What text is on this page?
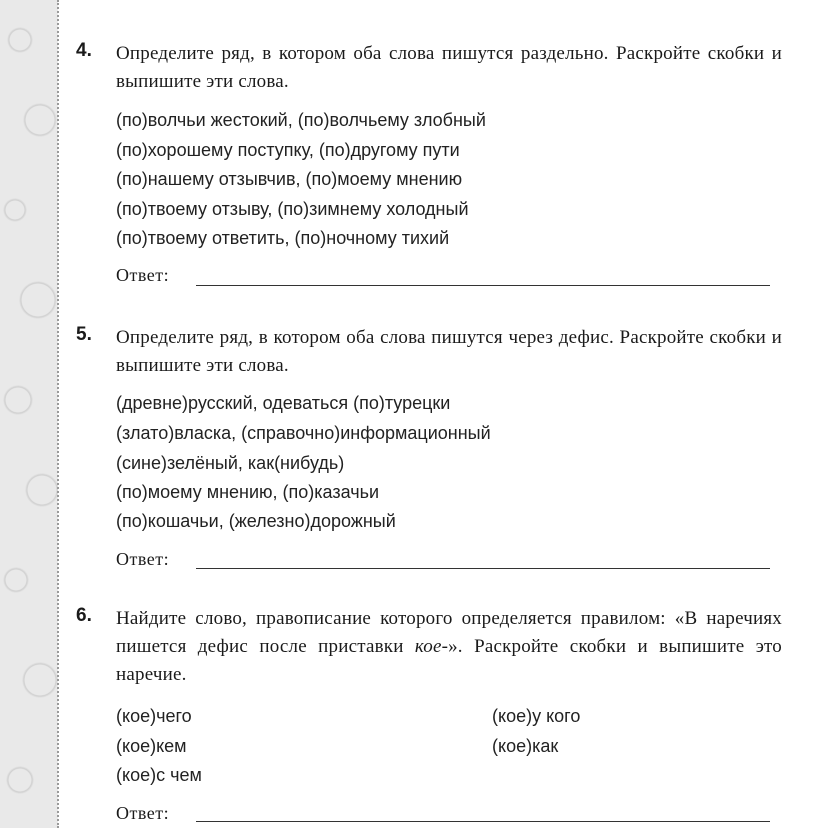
4. Определите ряд, в котором оба слова пишутся раздельно. Раскройте скобки и выпишите эти слова.
(по)волчьи жестокий, (по)волчьему злобный
(по)хорошему поступку, (по)другому пути
(по)нашему отзывчив, (по)моему мнению
(по)твоему отзыву, (по)зимнему холодный
(по)твоему ответить, (по)ночному тихий
Ответ:
5. Определите ряд, в котором оба слова пишутся через дефис. Раскройте скобки и выпишите эти слова.
(древне)русский, одеваться (по)турецки
(злато)власка, (справочно)информационный
(сине)зелёный, как(нибудь)
(по)моему мнению, (по)казачьи
(по)кошачьи, (железно)дорожный
Ответ:
6. Найдите слово, правописание которого определяется правилом: «В наречиях пишется дефис после приставки кое-». Раскройте скобки и выпишите это наречие.
(кое)чего	(кое)у кого
(кое)кем	(кое)как
(кое)с чем
Ответ:
